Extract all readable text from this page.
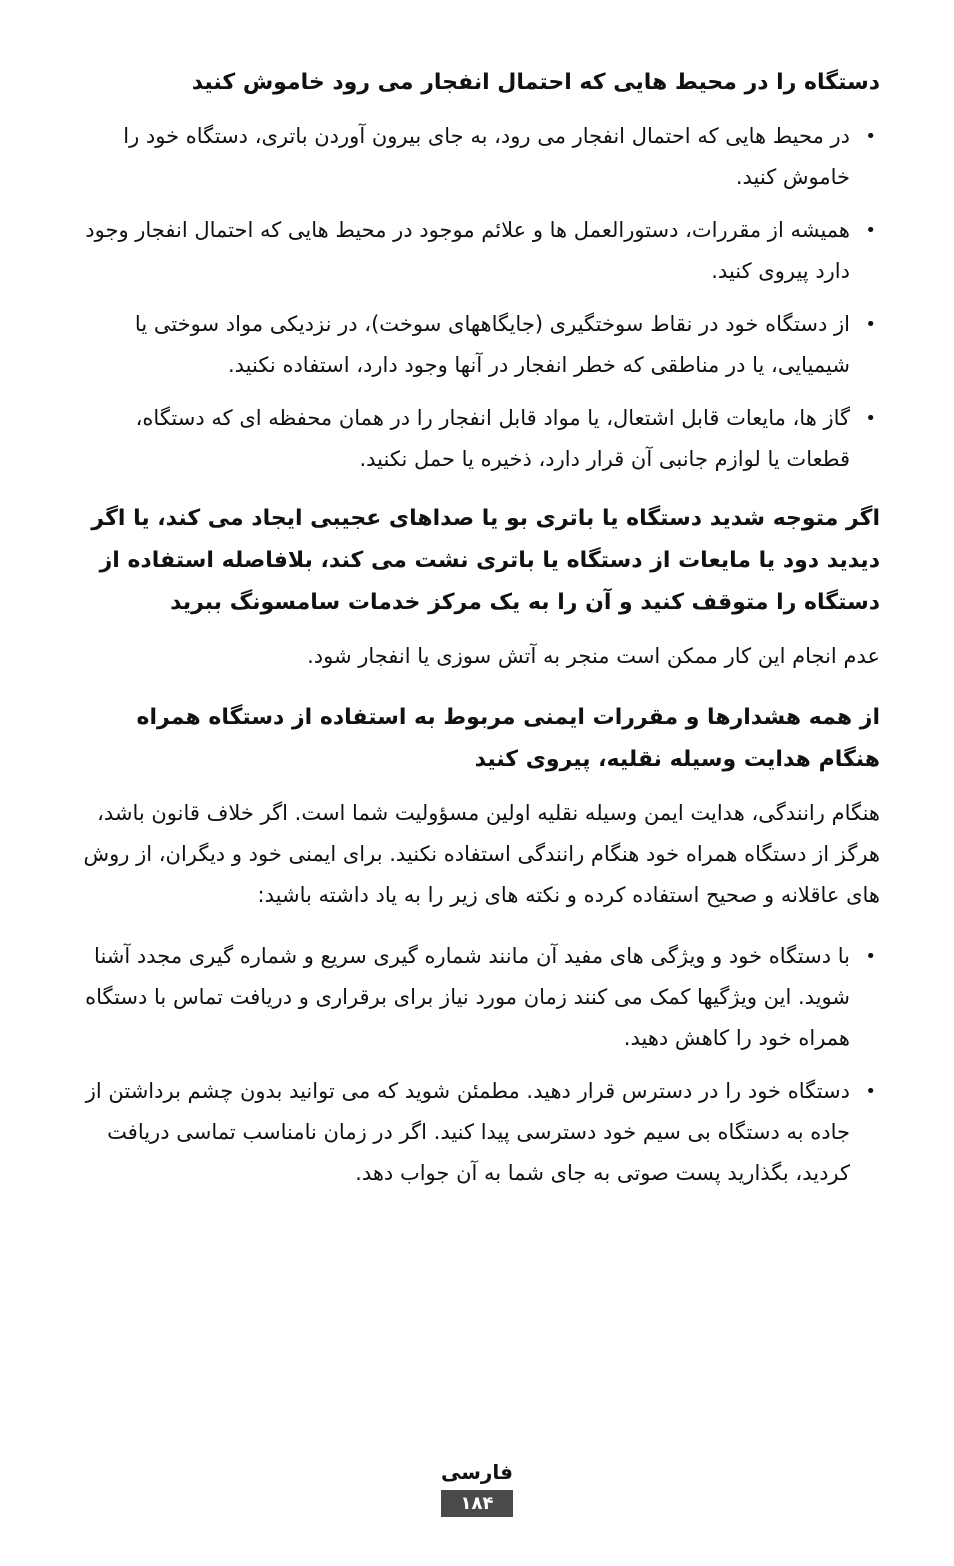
دستگاه را در محیط هایی که احتمال انفجار می رود خاموش کنید
•
در محیط هایی که احتمال انفجار می رود، به جای بیرون آوردن باتری، دستگاه خود را خاموش کنید.
•
همیشه از مقررات، دستورالعمل ها و علائم موجود در محیط هایی که احتمال انفجار وجود دارد پیروی کنید.
•
از دستگاه خود در نقاط سوختگیری (جایگاههای سوخت)، در نزدیکی مواد سوختی یا شیمیایی، یا در مناطقی که خطر انفجار در آنها وجود دارد، استفاده نکنید.
•
گاز ها، مایعات قابل اشتعال، یا مواد قابل انفجار را در همان محفظه ای که دستگاه، قطعات یا لوازم جانبی آن قرار دارد، ذخیره یا حمل نکنید.
اگر متوجه شدید دستگاه یا باتری بو یا صداهای عجیبی ایجاد می کند، یا اگر دیدید دود یا مایعات از دستگاه یا باتری نشت می کند، بلافاصله استفاده از دستگاه را متوقف کنید و آن را به یک مرکز خدمات سامسونگ ببرید

عدم انجام این کار ممکن است منجر به آتش سوزی یا انفجار شود.

از همه هشدارها و مقررات ایمنی مربوط به استفاده از دستگاه همراه هنگام هدایت وسیله نقلیه، پیروی کنید

هنگام رانندگی، هدایت ایمن وسیله نقلیه اولین مسؤولیت شما است. اگر خلاف قانون باشد، هرگز از دستگاه همراه خود هنگام رانندگی استفاده نکنید. برای ایمنی خود و دیگران، از روش های عاقلانه و صحیح استفاده کرده و نکته های زیر را به یاد داشته باشید:

•
با دستگاه خود و ویژگی های مفید آن مانند شماره گیری سریع و شماره گیری مجدد آشنا شوید. این ویژگیها کمک می کنند زمان مورد نیاز برای برقراری و دریافت تماس با دستگاه همراه خود را کاهش دهید.
•
دستگاه خود را در دسترس قرار دهید. مطمئن شوید که می توانید بدون چشم برداشتن از جاده به دستگاه بی سیم خود دسترسی پیدا کنید. اگر در زمان نامناسب تماسی دریافت کردید، بگذارید پست صوتی به جای شما به آن جواب دهد.
فارسی
۱۸۴
